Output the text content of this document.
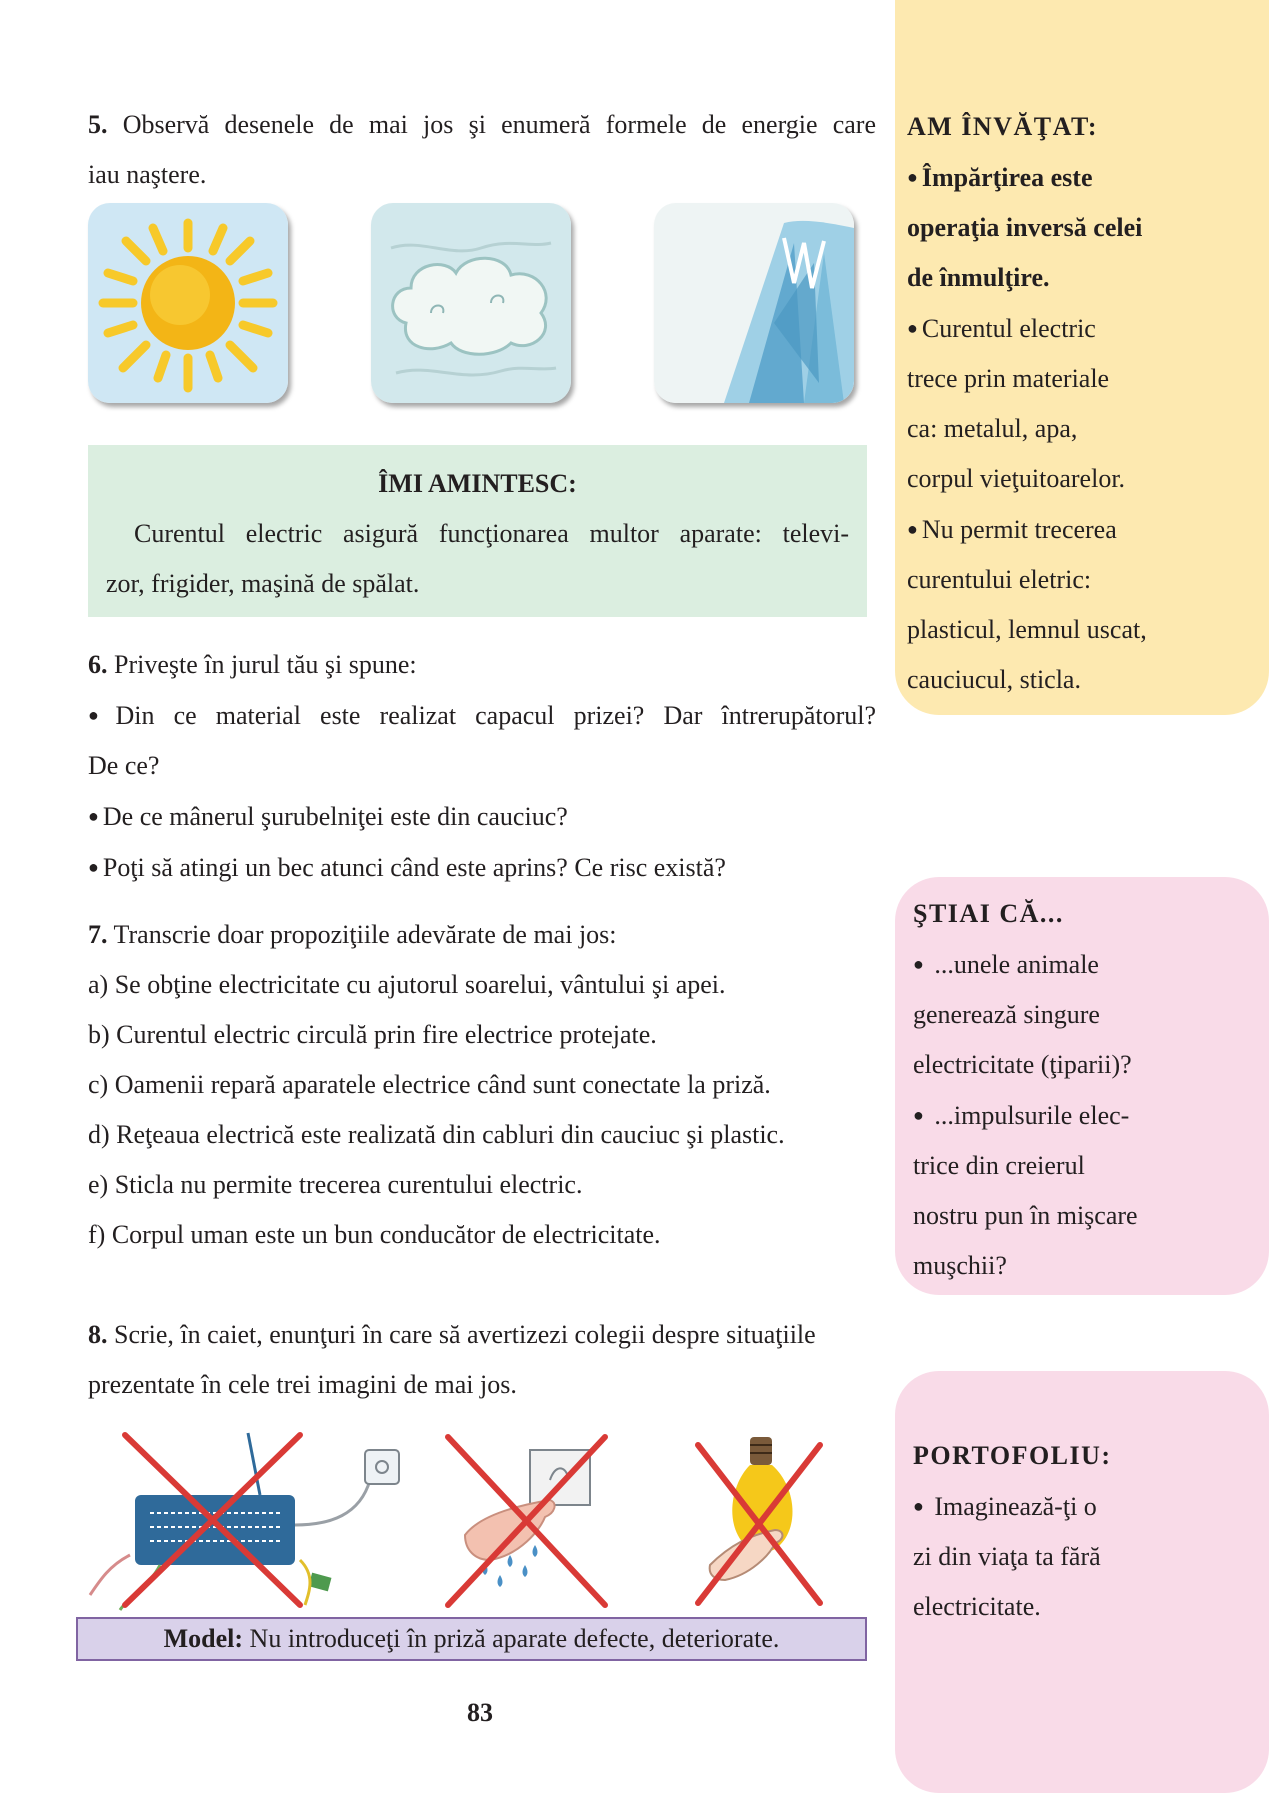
5. Observă desenele de mai jos şi enumeră formele de energie care
iau naştere.
ÎMI AMINTESC:
Curentul electric asigură funcţionarea multor aparate: televi-
zor, frigider, maşină de spălat.
6. Priveşte în jurul tău şi spune:
● Din ce material este realizat capacul prizei? Dar întrerupătorul?
De ce?
● De ce mânerul şurubelniţei este din cauciuc?
● Poţi să atingi un bec atunci când este aprins? Ce risc există?
7. Transcrie doar propoziţiile adevărate de mai jos:
a) Se obţine electricitate cu ajutorul soarelui, vântului şi apei.
b) Curentul electric circulă prin fire electrice protejate.
c) Oamenii repară aparatele electrice când sunt conectate la priză.
d) Reţeaua electrică este realizată din cabluri din cauciuc şi plastic.
e) Sticla nu permite trecerea curentului electric.
f) Corpul uman este un bun conducător de electricitate.
8. Scrie, în caiet, enunţuri în care să avertizezi colegii despre situaţiile
prezentate în cele trei imagini de mai jos.
Model: Nu introduceţi în priză aparate defecte, deteriorate.
83
AM ÎNVĂŢAT:
● Împărţirea este
operaţia inversă celei
de înmulţire.
● Curentul electric
trece prin materiale
ca: metalul, apa,
corpul vieţuitoarelor.
● Nu permit trecerea
curentului eletric:
plasticul, lemnul uscat,
cauciucul, sticla.
ŞTIAI CĂ...
● ...unele animale
generează singure
electricitate (ţiparii)?
● ...impulsurile elec-
trice din creierul
nostru pun în mişcare
muşchii?
PORTOFOLIU:
● Imaginează-ţi o
zi din viaţa ta fără
electricitate.
